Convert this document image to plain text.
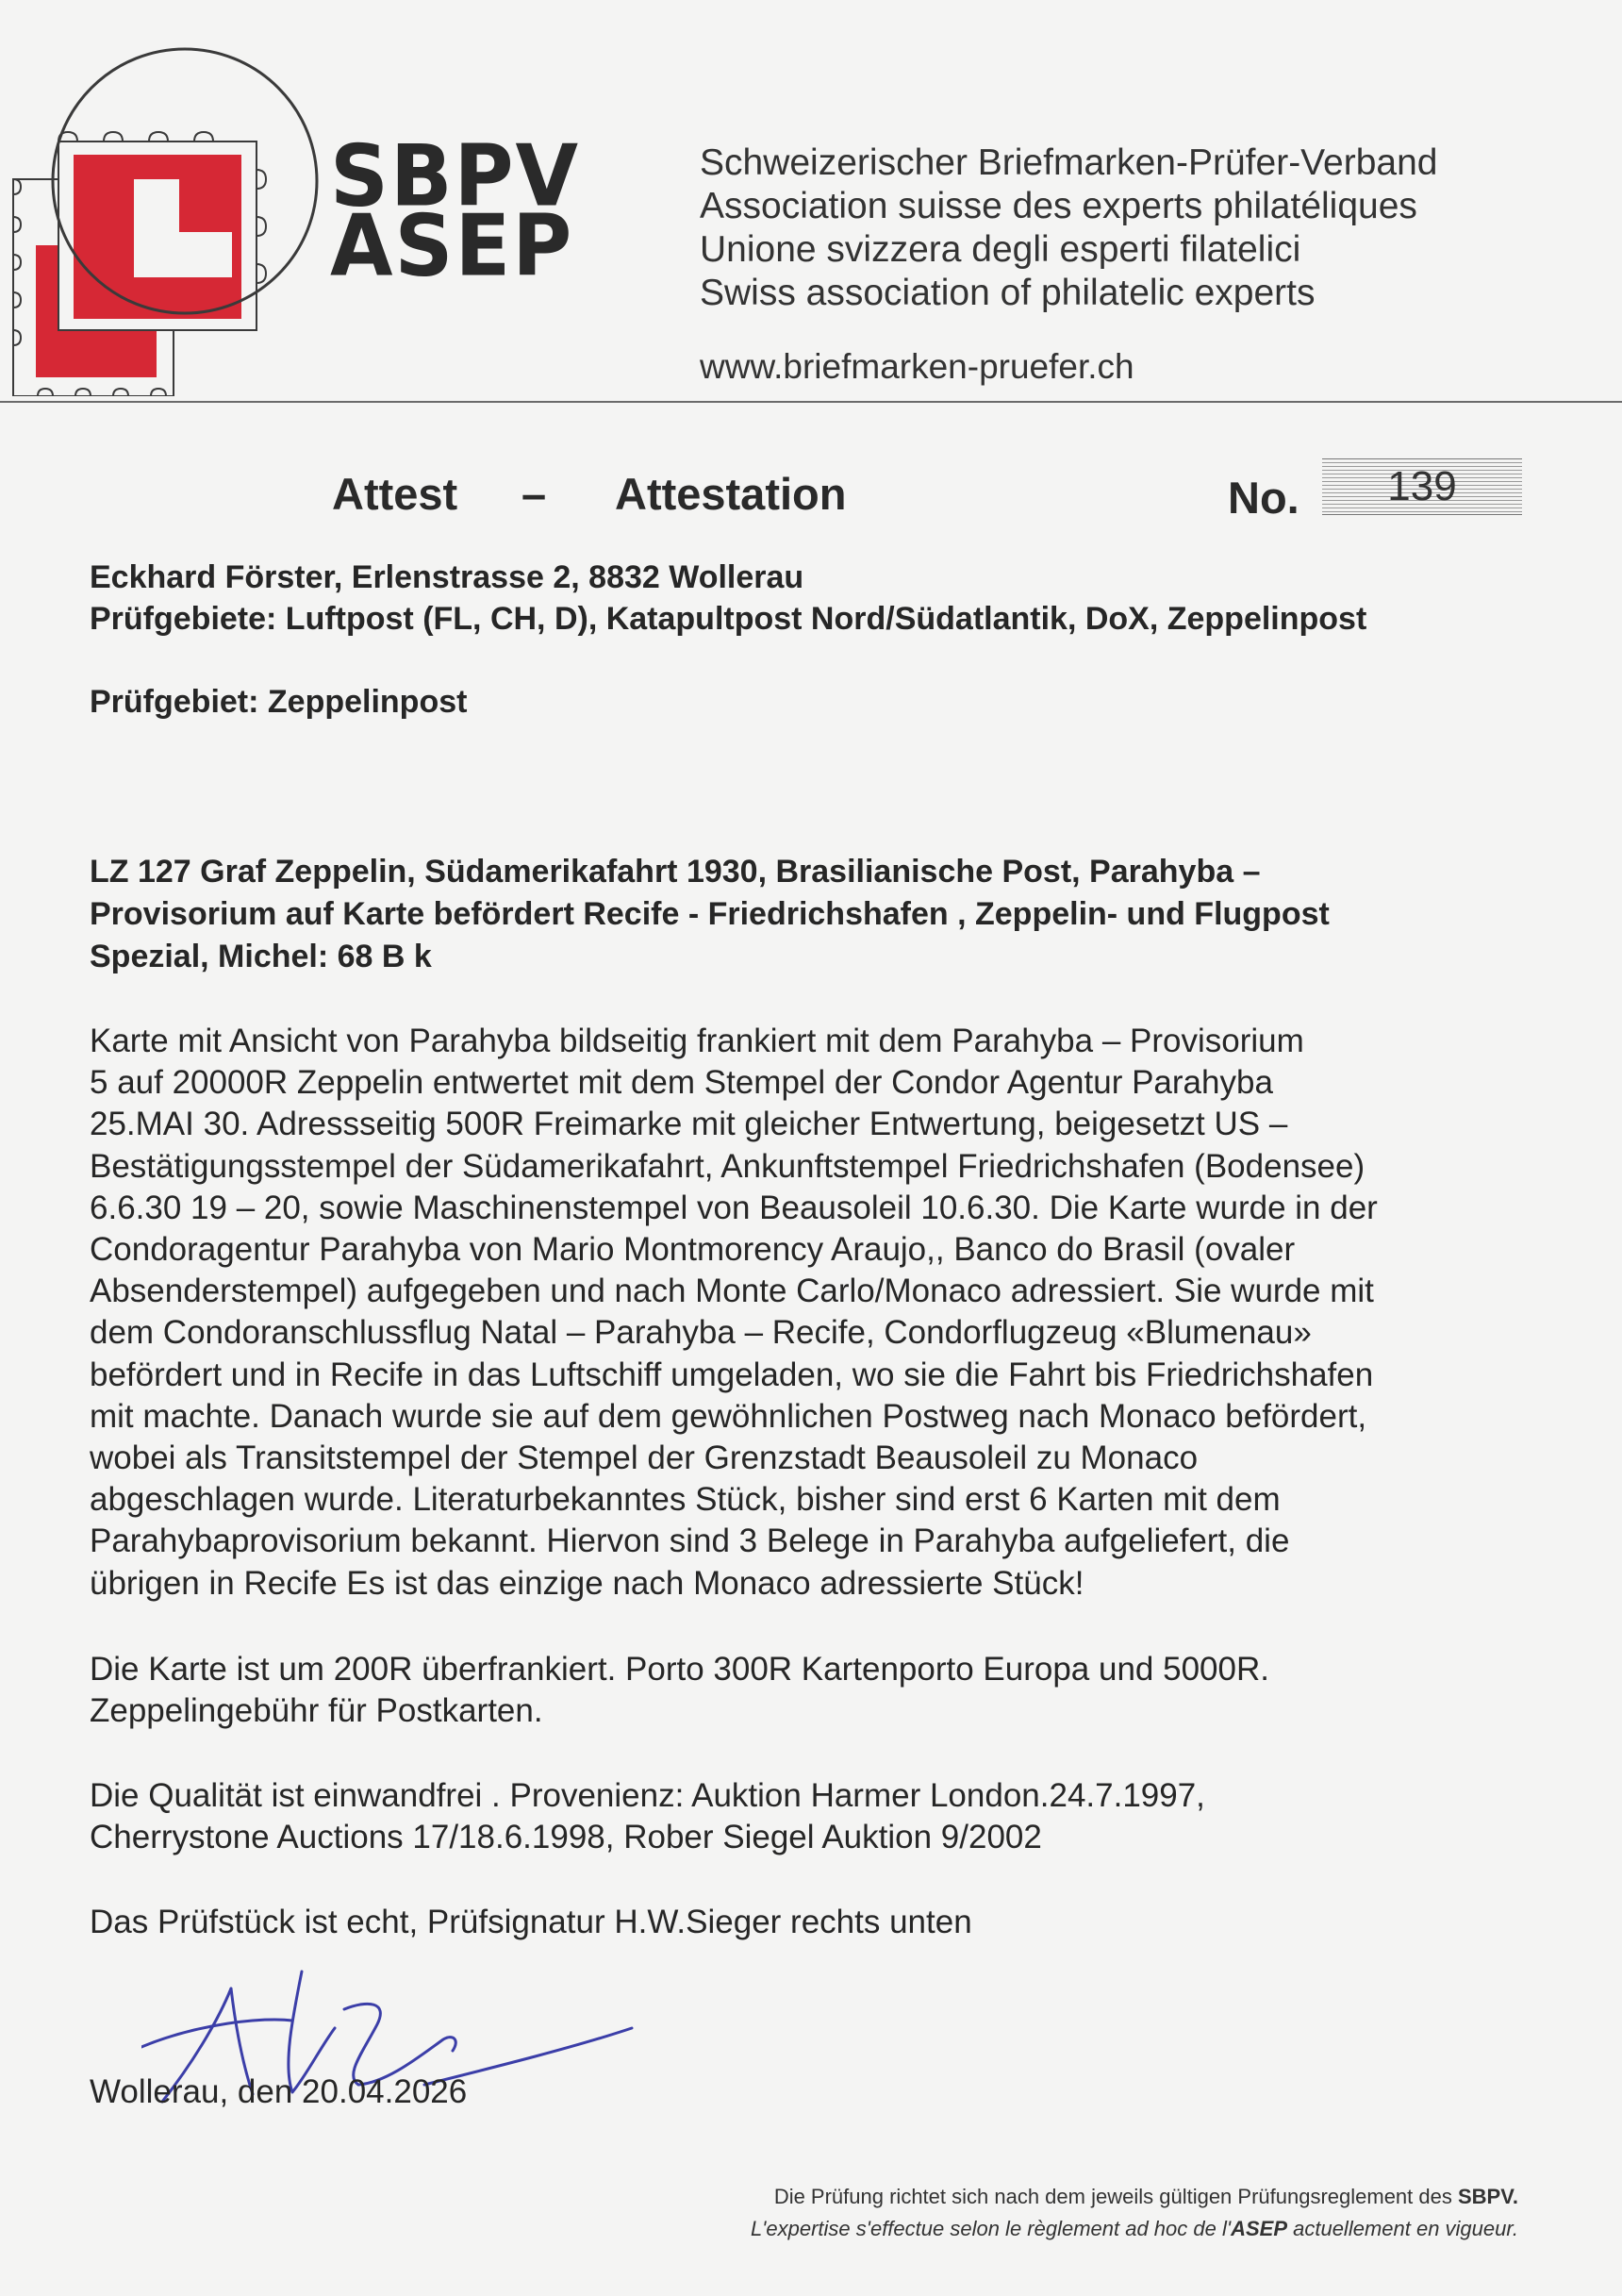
SBPV
ASEP
Schweizerischer Briefmarken-Prüfer-Verband
Association suisse des experts philatéliques
Unione svizzera degli esperti filatelici
Swiss association of philatelic experts
www.briefmarken-pruefer.ch
Attest – Attestation	No.	139
Eckhard Förster, Erlenstrasse 2, 8832 Wollerau
Prüfgebiete: Luftpost (FL, CH, D), Katapultpost Nord/Südatlantik, DoX, Zeppelinpost
Prüfgebiet: Zeppelinpost
LZ 127 Graf Zeppelin, Südamerikafahrt 1930, Brasilianische Post, Parahyba –
Provisorium auf Karte befördert Recife - Friedrichshafen , Zeppelin- und Flugpost
Spezial, Michel: 68 B k
Karte mit Ansicht von Parahyba bildseitig frankiert mit dem Parahyba – Provisorium
5 auf 20000R Zeppelin entwertet mit dem Stempel der Condor Agentur Parahyba
25.MAI 30. Adressseitig 500R Freimarke mit gleicher Entwertung, beigesetzt US –
Bestätigungsstempel der Südamerikafahrt, Ankunftstempel Friedrichshafen (Bodensee)
6.6.30 19 – 20, sowie Maschinenstempel von Beausoleil 10.6.30. Die Karte wurde in der
Condoragentur Parahyba von Mario Montmorency Araujo,, Banco do Brasil (ovaler
Absenderstempel) aufgegeben und nach Monte Carlo/Monaco adressiert. Sie wurde mit
dem Condoranschlussflug Natal – Parahyba – Recife, Condorflugzeug «Blumenau»
befördert und in Recife in das Luftschiff umgeladen, wo sie die Fahrt bis Friedrichshafen
mit machte. Danach wurde sie auf dem gewöhnlichen Postweg nach Monaco befördert,
wobei als Transitstempel der Stempel der Grenzstadt Beausoleil zu Monaco
abgeschlagen wurde. Literaturbekanntes Stück, bisher sind erst 6 Karten mit dem
Parahybaprovisorium bekannt. Hiervon sind 3 Belege in Parahyba aufgeliefert, die
übrigen in Recife Es ist das einzige nach Monaco adressierte Stück!
Die Karte ist um 200R überfrankiert. Porto 300R Kartenporto Europa und 5000R.
Zeppelingebühr für Postkarten.
Die Qualität ist einwandfrei . Provenienz: Auktion Harmer London.24.7.1997,
Cherrystone Auctions 17/18.6.1998, Rober Siegel Auktion 9/2002
Das Prüfstück ist echt, Prüfsignatur H.W.Sieger rechts unten
Wollerau, den 20.04.2026
Die Prüfung richtet sich nach dem jeweils gültigen Prüfungsreglement des SBPV.
L'expertise s'effectue selon le règlement ad hoc de l'ASEP actuellement en vigueur.
